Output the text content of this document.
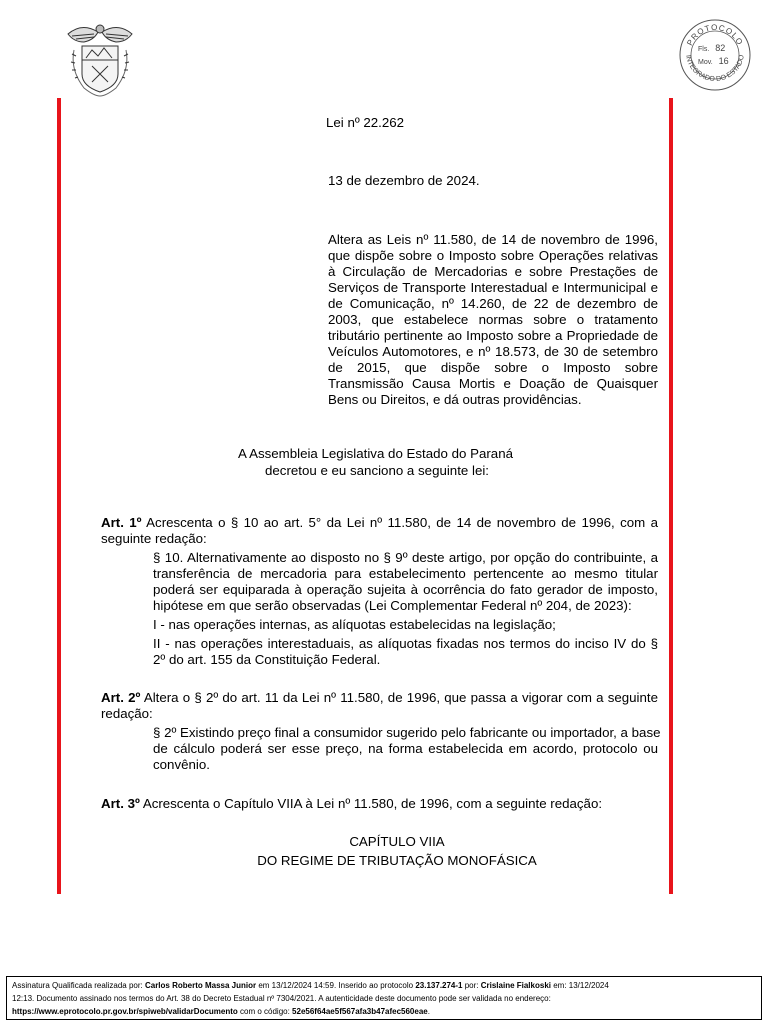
PROTOCOLO
INTEGRADO DO ESTADO
Fls. 82
Mov. 16
Lei nº 22.262
13 de dezembro de 2024.
Altera as Leis nº 11.580, de 14 de novembro de 1996,
que dispõe sobre o Imposto sobre Operações relativas
à Circulação de Mercadorias e sobre Prestações de
Serviços de Transporte Interestadual e Intermunicipal e
de Comunicação, nº 14.260, de 22 de dezembro de
2003, que estabelece normas sobre o tratamento
tributário pertinente ao Imposto sobre a Propriedade de
Veículos Automotores, e nº 18.573, de 30 de setembro
de 2015, que dispõe sobre o Imposto sobre
Transmissão Causa Mortis e Doação de Quaisquer
Bens ou Direitos, e dá outras providências.
A Assembleia Legislativa do Estado do Paraná
decretou e eu sanciono a seguinte lei:
Art. 1º Acrescenta o § 10 ao art. 5° da Lei nº 11.580, de 14 de novembro de 1996, com a
seguinte redação:
§ 10. Alternativamente ao disposto no § 9º deste artigo, por opção do contribuinte, a
transferência de mercadoria para estabelecimento pertencente ao mesmo titular
poderá ser equiparada à operação sujeita à ocorrência do fato gerador de imposto,
hipótese em que serão observadas (Lei Complementar Federal nº 204, de 2023):
I - nas operações internas, as alíquotas estabelecidas na legislação;
II - nas operações interestaduais, as alíquotas fixadas nos termos do inciso IV do §
2º do art. 155 da Constituição Federal.
Art. 2º Altera o § 2º do art. 11 da Lei nº 11.580, de 1996, que passa a vigorar com a seguinte
redação:
§ 2º Existindo preço final a consumidor sugerido pelo fabricante ou importador, a base
de cálculo poderá ser esse preço, na forma estabelecida em acordo, protocolo ou
convênio.
Art. 3º Acrescenta o Capítulo VIIA à Lei nº 11.580, de 1996, com a seguinte redação:
CAPÍTULO VIIA
DO REGIME DE TRIBUTAÇÃO MONOFÁSICA
Assinatura Qualificada realizada por: Carlos Roberto Massa Junior em 13/12/2024 14:59. Inserido ao protocolo 23.137.274-1 por: Crislaine Fialkoski em: 13/12/2024
12:13. Documento assinado nos termos do Art. 38 do Decreto Estadual nº 7304/2021. A autenticidade deste documento pode ser validada no endereço:
https://www.eprotocolo.pr.gov.br/spiweb/validarDocumento com o código: 52e56f64ae5f567afa3b47afec560eae.
